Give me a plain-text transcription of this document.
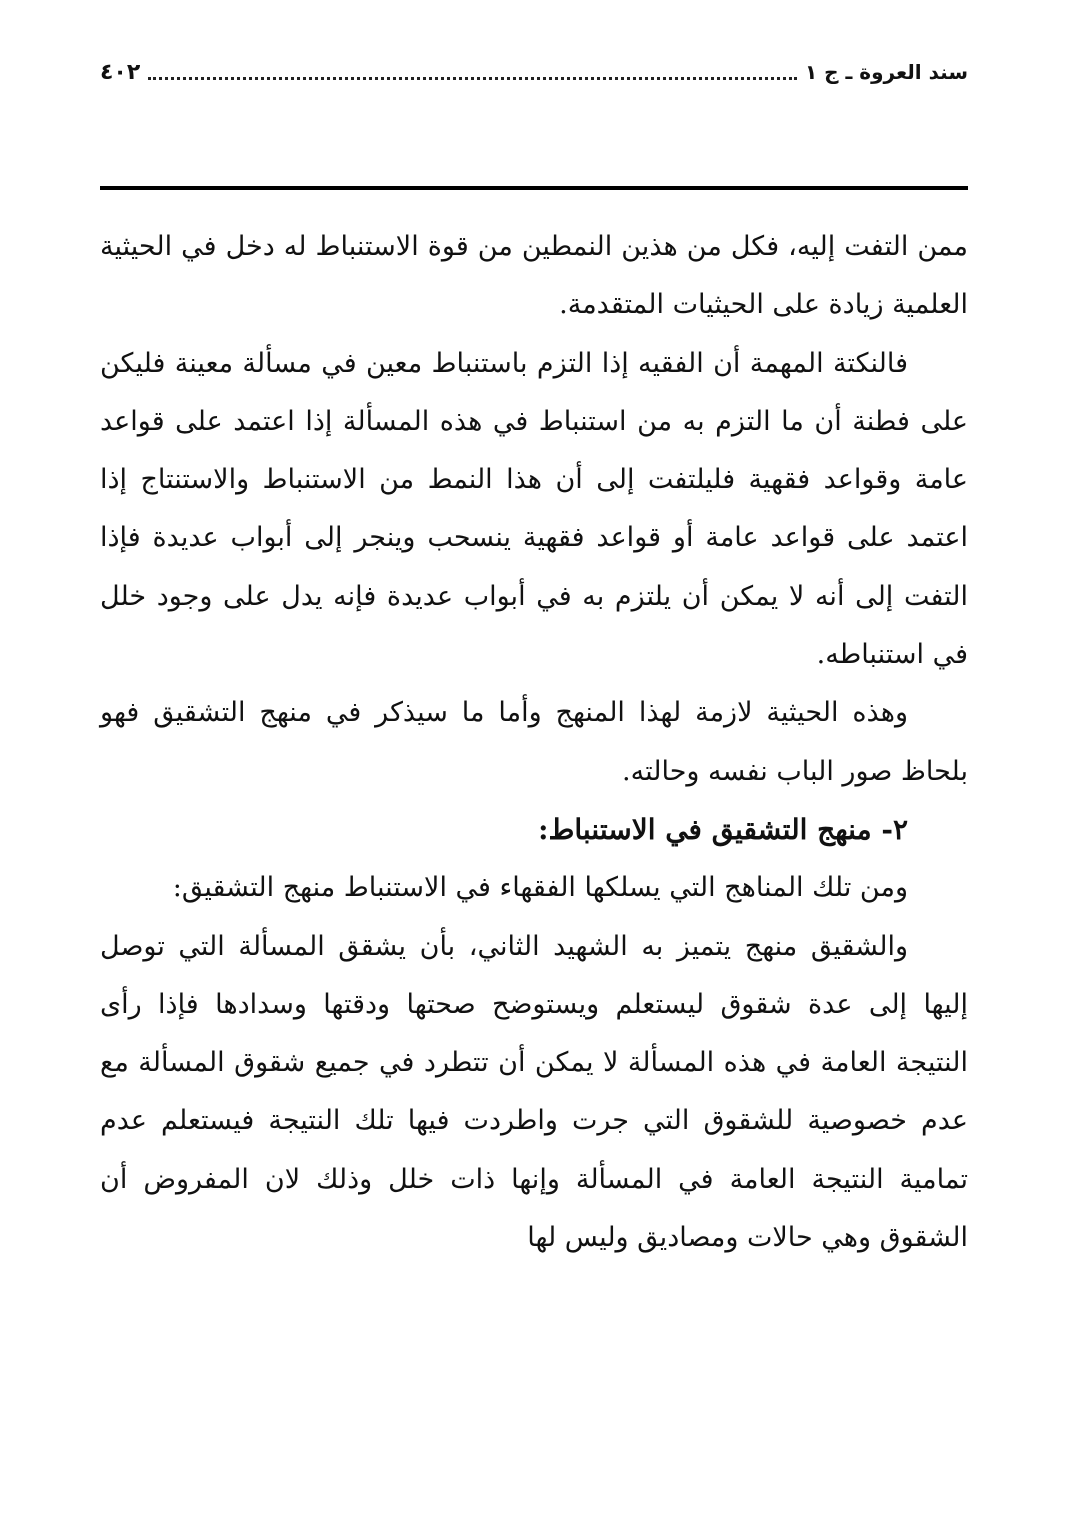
٤٠٢	سند العروة ـ ج ١

ممن التفت إليه، فكل من هذين النمطين من قوة الاستنباط له دخل في الحيثية العلمية زيادة على الحيثيات المتقدمة.

فالنكتة المهمة أن الفقيه إذا التزم باستنباط معين في مسألة معينة فليكن على فطنة أن ما التزم به من استنباط في هذه المسألة إذا اعتمد على قواعد عامة وقواعد فقهية فليلتفت إلى أن هذا النمط من الاستنباط والاستنتاج إذا اعتمد على قواعد عامة أو قواعد فقهية ينسحب وينجر إلى أبواب عديدة فإذا التفت إلى أنه لا يمكن أن يلتزم به في أبواب عديدة فإنه يدل على وجود خلل في استنباطه.

وهذه الحيثية لازمة لهذا المنهج وأما ما سيذكر في منهج التشقيق فهو بلحاظ صور الباب نفسه وحالته.

٢- منهج التشقيق في الاستنباط:

ومن تلك المناهج التي يسلكها الفقهاء في الاستنباط منهج التشقيق:

والشقيق منهج يتميز به الشهيد الثاني، بأن يشقق المسألة التي توصل إليها إلى عدة شقوق ليستعلم ويستوضح صحتها ودقتها وسدادها فإذا رأى النتيجة العامة في هذه المسألة لا يمكن أن تتطرد في جميع شقوق المسألة مع عدم خصوصية للشقوق التي جرت واطردت فيها تلك النتيجة فيستعلم عدم تمامية النتيجة العامة في المسألة وإنها ذات خلل وذلك لان المفروض أن الشقوق وهي حالات ومصاديق وليس لها
